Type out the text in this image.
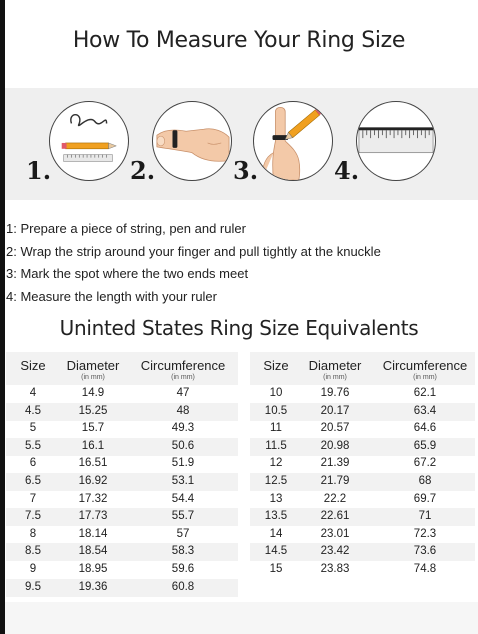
How To Measure Your Ring Size
1.	2.	3.	4.
1: Prepare a piece of string, pen and ruler
2: Wrap the strip around your finger and pull tightly at the knuckle
3: Mark the spot where the two ends meet
4: Measure the length with your ruler
Uninted States Ring Size Equivalents
Size	Diameter
(in mm)
Circumference
(in mm)
4	14.9	47
4.5	15.25	48
5	15.7	49.3
5.5	16.1	50.6
6	16.51	51.9
6.5	16.92	53.1
7	17.32	54.4
7.5	17.73	55.7
8	18.14	57
8.5	18.54	58.3
9	18.95	59.6
9.5	19.36	60.8
Size	Diameter
(in mm)
Circumference
(in mm)
10	19.76	62.1
10.5	20.17	63.4
11	20.57	64.6
11.5	20.98	65.9
12	21.39	67.2
12.5	21.79	68
13	22.2	69.7
13.5	22.61	71
14	23.01	72.3
14.5	23.42	73.6
15	23.83	74.8
